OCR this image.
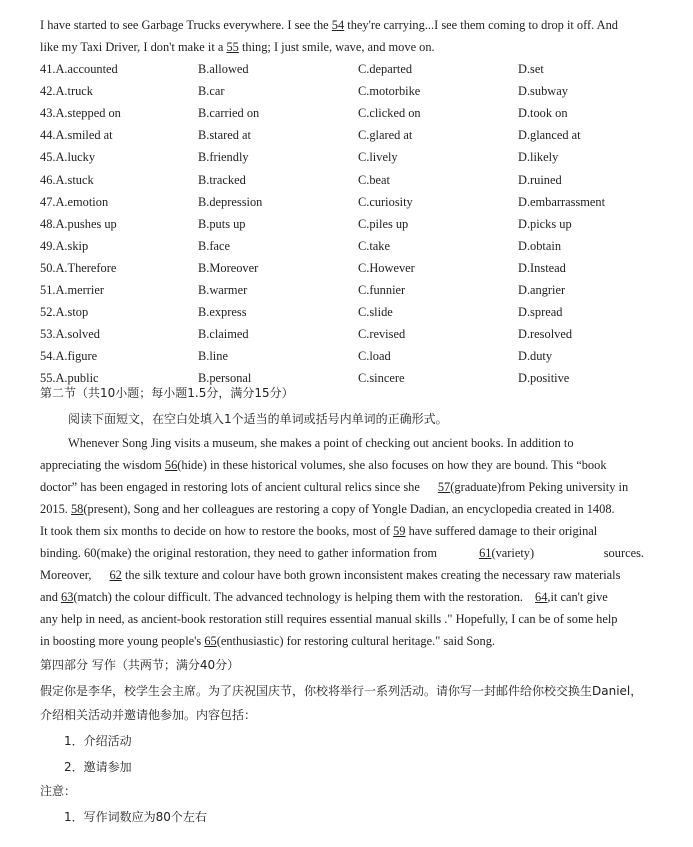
I have started to see Garbage Trucks everywhere. I see the 54 they're carrying...I see them coming to drop it off. And
like my Taxi Driver, I don't make it a 55 thing; I just smile, wave, and move on.
41.A.accounted	B.allowed	C.departed	D.set
42.A.truck	B.car	C.motorbike	D.subway
43.A.stepped on	B.carried on	C.clicked on	D.took on
44.A.smiled at	B.stared at	C.glared at	D.glanced at
45.A.lucky	B.friendly	C.lively	D.likely
46.A.stuck	B.tracked	C.beat	D.ruined
47.A.emotion	B.depression	C.curiosity	D.embarrassment
48.A.pushes up	B.puts up	C.piles up	D.picks up
49.A.skip	B.face	C.take	D.obtain
50.A.Therefore	B.Moreover	C.However	D.Instead
51.A.merrier	B.warmer	C.funnier	D.angrier
52.A.stop	B.express	C.slide	D.spread
53.A.solved	B.claimed	C.revised	D.resolved
54.A.figure	B.line	C.load	D.duty
55.A.public	B.personal	C.sincere	D.positive
第二节（共10小题；每小题1.5分，满分15分）
阅读下面短文，在空白处填入1个适当的单词或括号内单词的正确形式。
Whenever Song Jing visits a museum, she makes a point of checking out ancient books. In addition to
appreciating the wisdom 56(hide) in these historical volumes, she also focuses on how they are bound. This “book
doctor” has been engaged in restoring lots of ancient cultural relics since she 57(graduate)from Peking university in
2015. 58(present), Song and her colleagues are restoring a copy of Yongle Dadian, an encyclopedia created in 1408.
It took them six months to decide on how to restore the books, most of 59 have suffered damage to their original
binding. 60(make) the original restoration, they need to gather information from	61(variety)	sources.
Moreover, 62 the silk texture and colour have both grown inconsistent makes creating the necessary raw materials
and 63(match) the colour difficult. The advanced technology is helping them with the restoration. 64,it can't give
any help in need, as ancient-book restoration still requires essential manual skills ." Hopefully, I can be of some help
in boosting more young people's 65(enthusiastic) for restoring cultural heritage." said Song.
第四部分 写作（共两节；满分40分）
假定你是李华，校学生会主席。为了庆祝国庆节，你校将举行一系列活动。请你写一封邮件给你校交换生Daniel，
介绍相关活动并邀请他参加。内容包括：
1．介绍活动
2．邀请参加
注意：
1．写作词数应为80个左右
